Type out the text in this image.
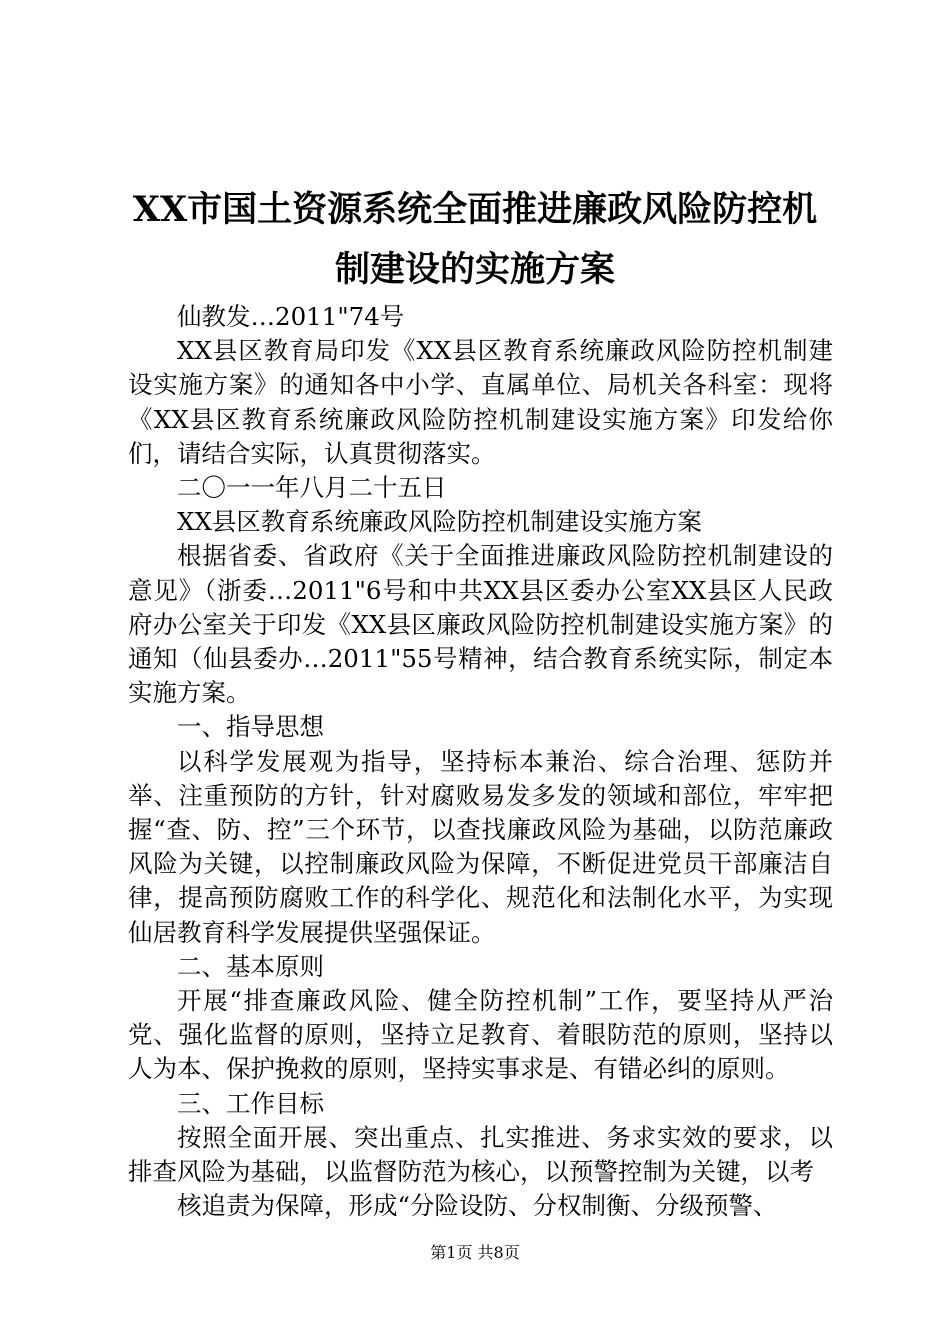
XX市国土资源系统全面推进廉政风险防控机
制建设的实施方案

仙教发…2011"74号

XX县区教育局印发《XX县区教育系统廉政风险防控机制建设实施方案》的通知各中小学、直属单位、局机关各科室：现将《XX县区教育系统廉政风险防控机制建设实施方案》印发给你们，请结合实际，认真贯彻落实。

二〇一一年八月二十五日

XX县区教育系统廉政风险防控机制建设实施方案

根据省委、省政府《关于全面推进廉政风险防控机制建设的意见》（浙委…2011"6号和中共XX县区委办公室XX县区人民政府办公室关于印发《XX县区廉政风险防控机制建设实施方案》的通知（仙县委办…2011"55号精神，结合教育系统实际，制定本实施方案。

一、指导思想

以科学发展观为指导，坚持标本兼治、综合治理、惩防并举、注重预防的方针，针对腐败易发多发的领域和部位，牢牢把握“查、防、控”三个环节，以查找廉政风险为基础，以防范廉政风险为关键，以控制廉政风险为保障，不断促进党员干部廉洁自律，提高预防腐败工作的科学化、规范化和法制化水平，为实现仙居教育科学发展提供坚强保证。

二、基本原则

开展“排查廉政风险、健全防控机制”工作，要坚持从严治党、强化监督的原则，坚持立足教育、着眼防范的原则，坚持以人为本、保护挽救的原则，坚持实事求是、有错必纠的原则。

三、工作目标

按照全面开展、突出重点、扎实推进、务求实效的要求，以排查风险为基础，以监督防范为核心，以预警控制为关键，以考

核追责为保障，形成“分险设防、分权制衡、分级预警、

第1页 共8页
